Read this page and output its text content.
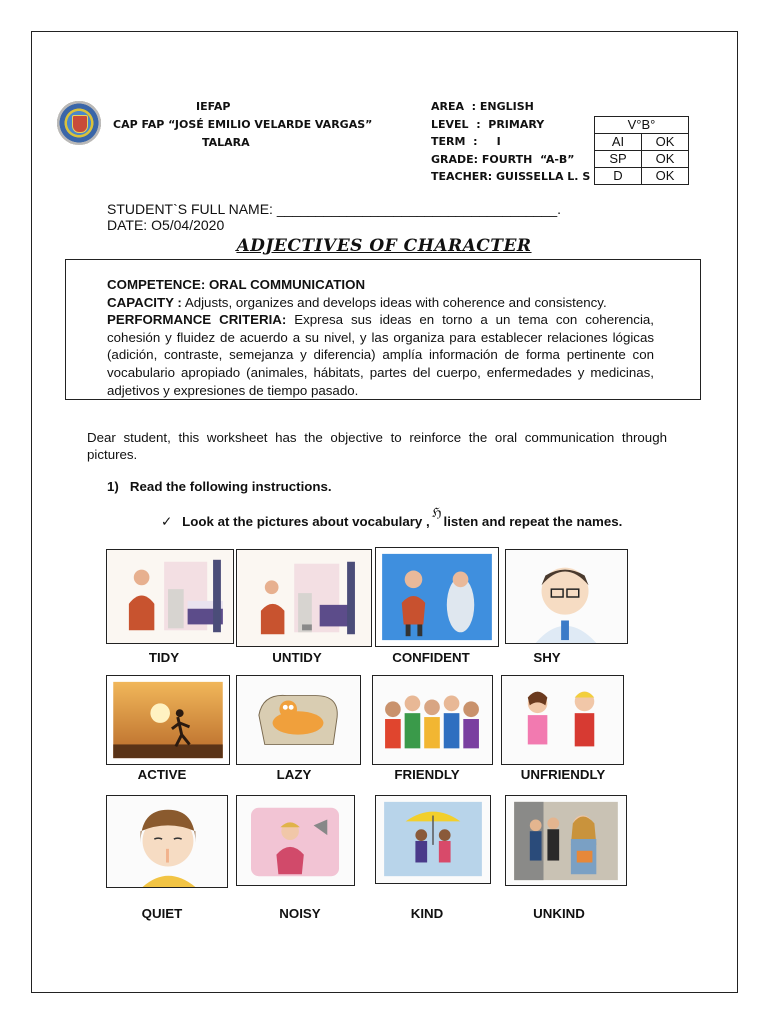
IEFAP
CAP FAP “JOSÉ EMILIO VELARDE VARGAS”
TALARA
AREA  : ENGLISH
LEVEL  :  PRIMARY
TERM  :     I
GRADE: FOURTH  “A-B”
TEACHER: GUISSELLA L. S
V°B°	
AI	OK
SP	OK
D	OK
STUDENT`S FULL NAME: ____________________________________.
DATE: O5/04/2020
ADJECTIVES OF CHARACTER

COMPETENCE: ORAL COMMUNICATION

CAPACITY : Adjusts, organizes and develops ideas with coherence and consistency.

PERFORMANCE CRITERIA: Expresa sus ideas en torno a un tema con coherencia, cohesión y fluidez de acuerdo a su nivel, y las organiza para establecer relaciones lógicas (adición, contraste, semejanza y diferencia) amplía información de forma pertinente con vocabulario apropiado (animales, hábitats, partes del cuerpo, enfermedades y medicinas, adjetivos y expresiones de tiempo pasado.

Dear student, this worksheet has the objective to reinforce the oral communication through pictures.
1) Read the following instructions.
✓ Look at the pictures about vocabulary ,ℌlisten and repeat the names.
TIDY	UNTIDY	CONFIDENT	SHY
ACTIVE	LAZY	FRIENDLY	UNFRIENDLY
QUIET	NOISY	KIND	UNKIND
